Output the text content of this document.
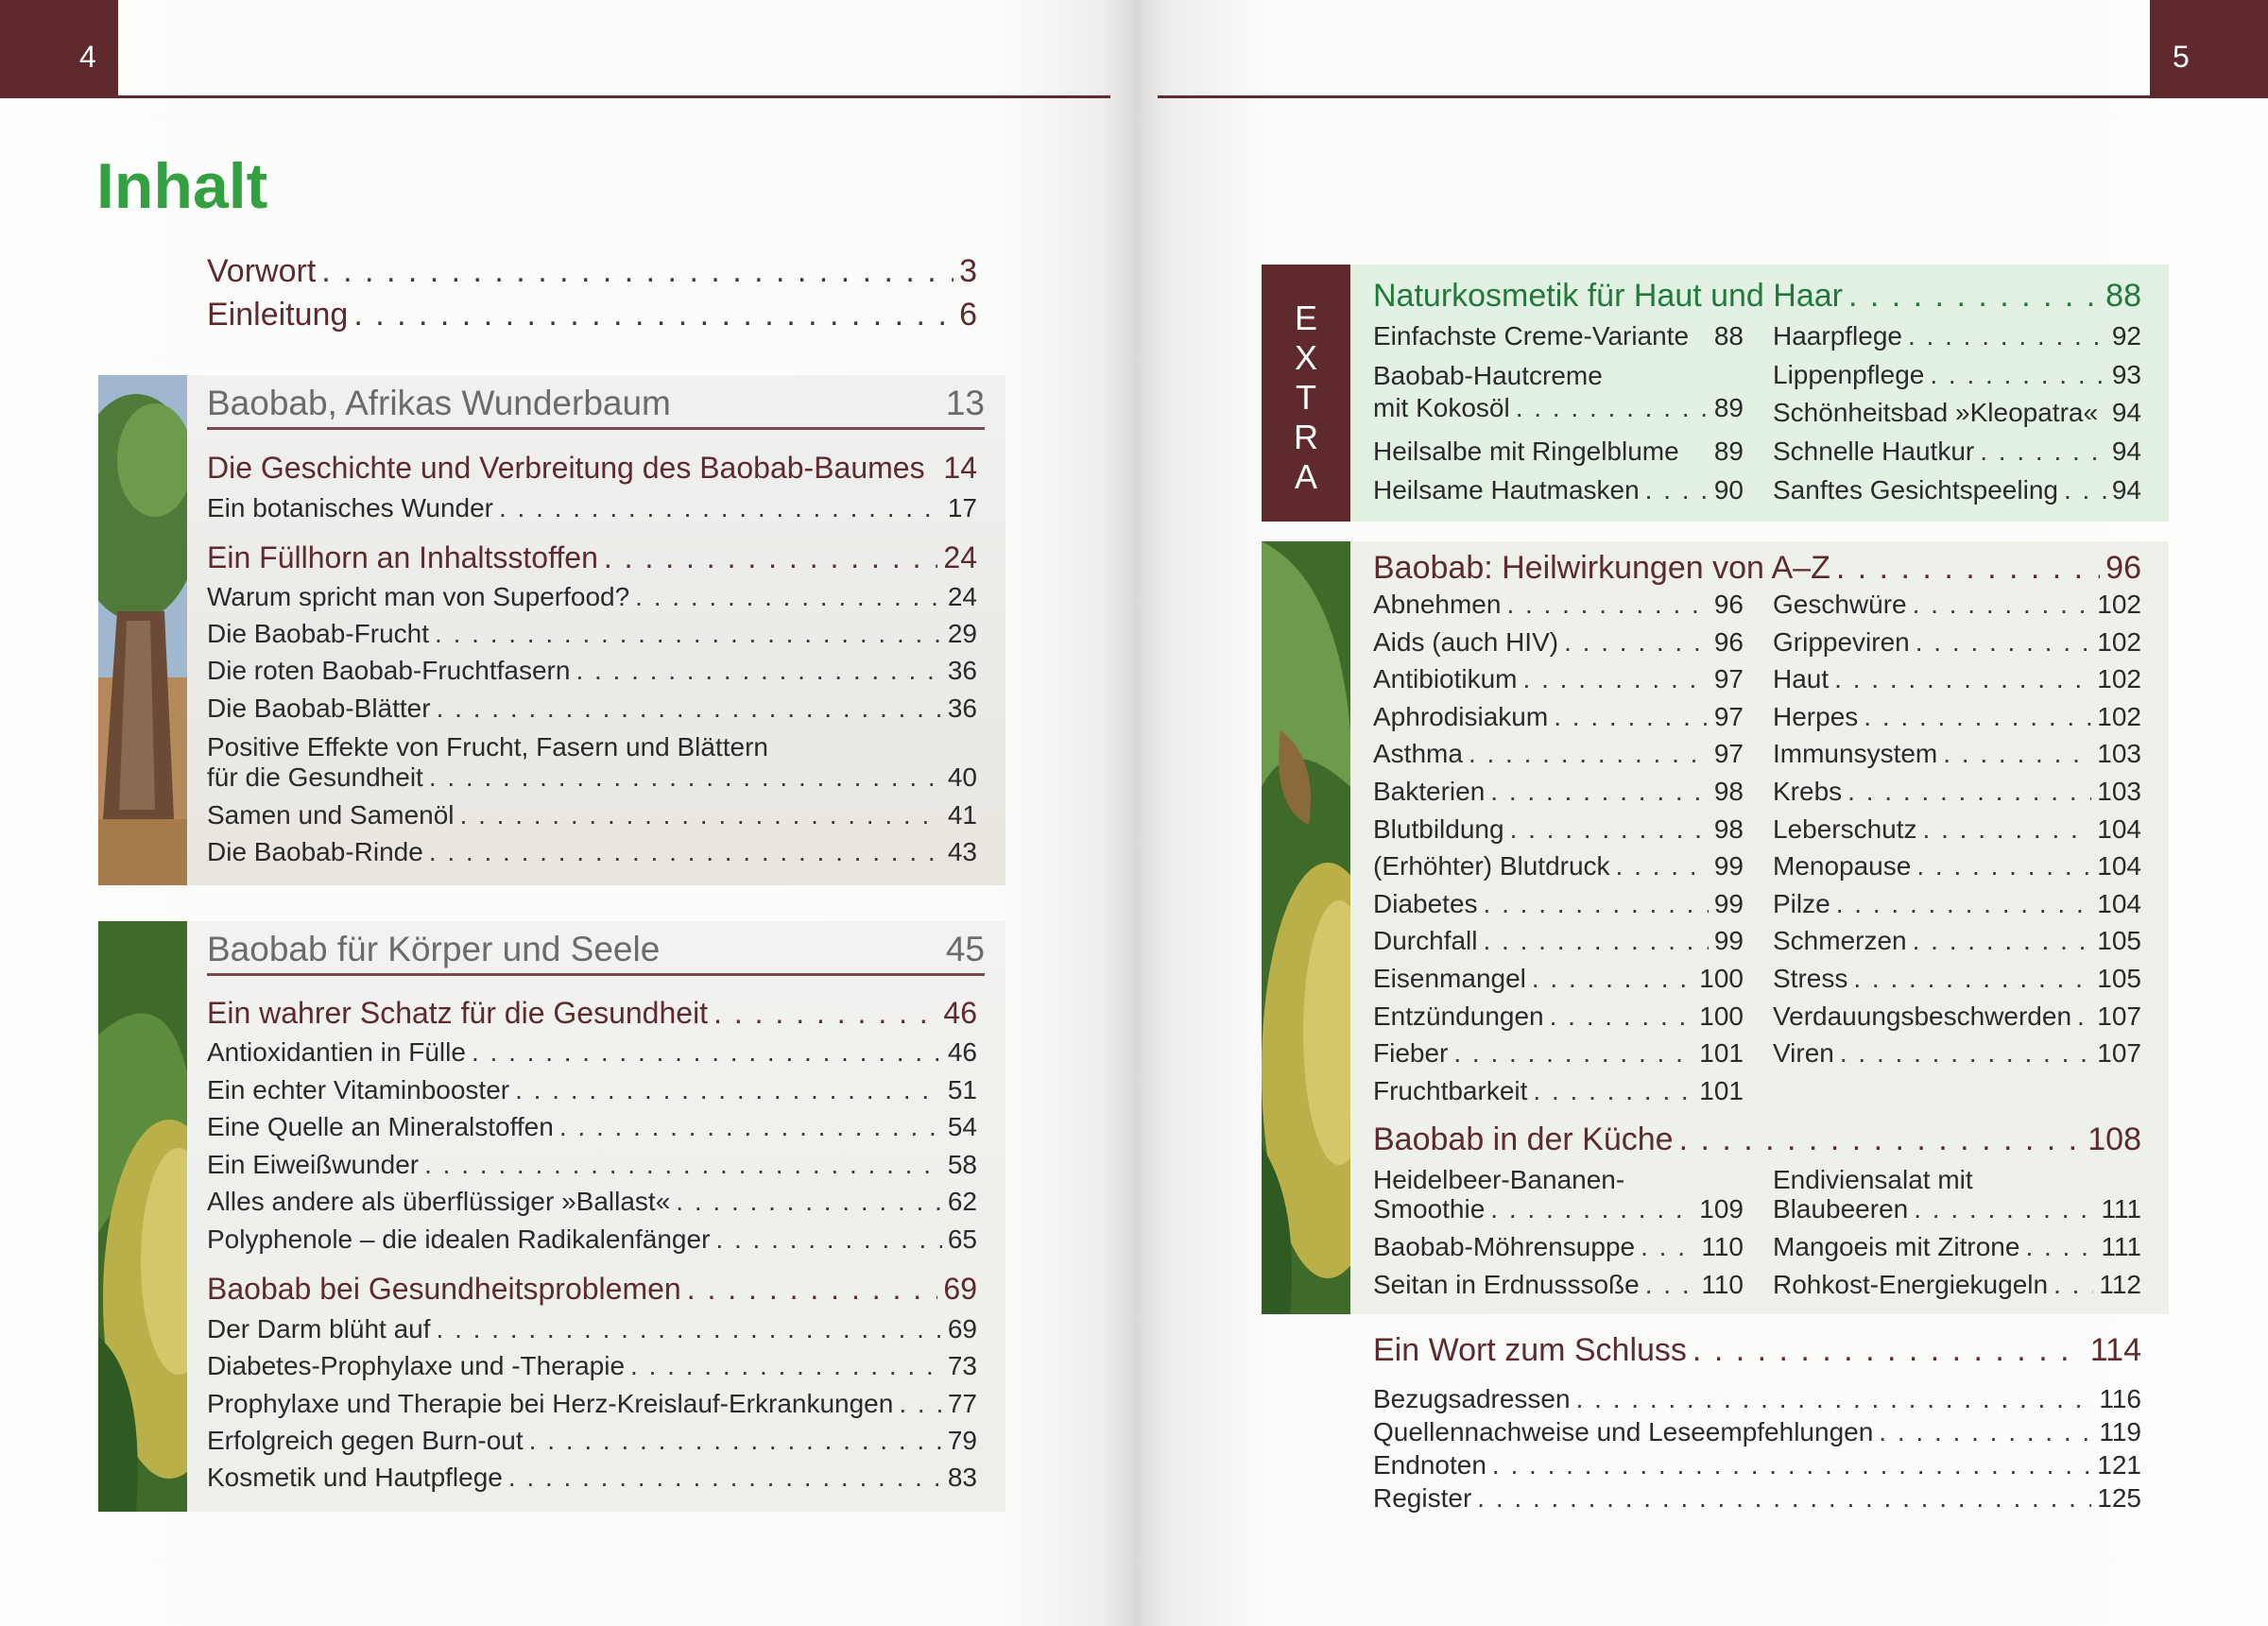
4	5
Inhalt
Vorwort . . .	3
Einleitung . . .	6
Baobab, Afrikas Wunderbaum	13
Die Geschichte und Verbreitung des Baobab-Baumes 14
Ein botanisches Wunder . . .	17
Ein Füllhorn an Inhaltsstoffen . . .	24
Warum spricht man von Superfood? . . .	24
Die Baobab-Frucht . . .	29
Die roten Baobab-Fruchtfasern . . .	36
Die Baobab-Blätter . . .	36
Positive Effekte von Frucht, Fasern und Blättern
für die Gesundheit . . .	40
Samen und Samenöl . . .	41
Die Baobab-Rinde . . .	43
Baobab für Körper und Seele	45
Ein wahrer Schatz für die Gesundheit . . .	46
Antioxidantien in Fülle . . .	46
Ein echter Vitaminbooster . . .	51
Eine Quelle an Mineralstoffen . . .	54
Ein Eiweißwunder . . .	58
Alles andere als überflüssiger »Ballast« . . .	62
Polyphenole – die idealen Radikalenfänger . . .	65
Baobab bei Gesundheitsproblemen . . .	69
Der Darm blüht auf . . .	69
Diabetes-Prophylaxe und -Therapie . . .	73
Prophylaxe und Therapie bei Herz-Kreislauf-Erkrankungen . . . 77
Erfolgreich gegen Burn-out . . .	79
Kosmetik und Hautpflege . . .	83
E
X
T
R
A
Naturkosmetik für Haut und Haar . . .	88
Einfachste Creme-Variante 88
Baobab-Hautcreme
mit Kokosöl . . .	89
Heilsalbe mit Ringelblume 89
Heilsame Hautmasken . . .	90
Haarpflege . . .	92
Lippenpflege . . .	93
Schönheitsbad »Kleopatra« 94
Schnelle Hautkur . . .	94
Sanftes Gesichtspeeling . . . 94
Baobab: Heilwirkungen von A–Z . . .	96
Abnehmen . . .	96
Aids (auch HIV) . . .	96
Antibiotikum . . .	97
Aphrodisiakum . . .	97
Asthma . . .	97
Bakterien . . .	98
Blutbildung . . .	98
(Erhöhter) Blutdruck . . .	99
Diabetes . . .	99
Durchfall . . .	99
Eisenmangel . . .	100
Entzündungen . . .	100
Fieber . . .	101
Fruchtbarkeit . . .	101
Geschwüre . . .	102
Grippeviren . . .	102
Haut . . .	102
Herpes . . .	102
Immunsystem . . .	103
Krebs . . .	103
Leberschutz . . .	104
Menopause . . .	104
Pilze . . .	104
Schmerzen . . .	105
Stress . . .	105
Verdauungsbeschwerden . . . 107
Viren . . .	107
Baobab in der Küche . . .	108
Heidelbeer-Bananen-
Smoothie . . .	109
Baobab-Möhrensuppe . . .	110
Seitan in Erdnusssoße . . . 110
Endiviensalat mit
Blaubeeren . . .	111
Mangoeis mit Zitrone . . .	111
Rohkost-Energiekugeln . . . 112
Ein Wort zum Schluss . . .	114
Bezugsadressen . . .	116
Quellennachweise und Leseempfehlungen . . .	119
Endnoten . . .	121
Register . . .	125
